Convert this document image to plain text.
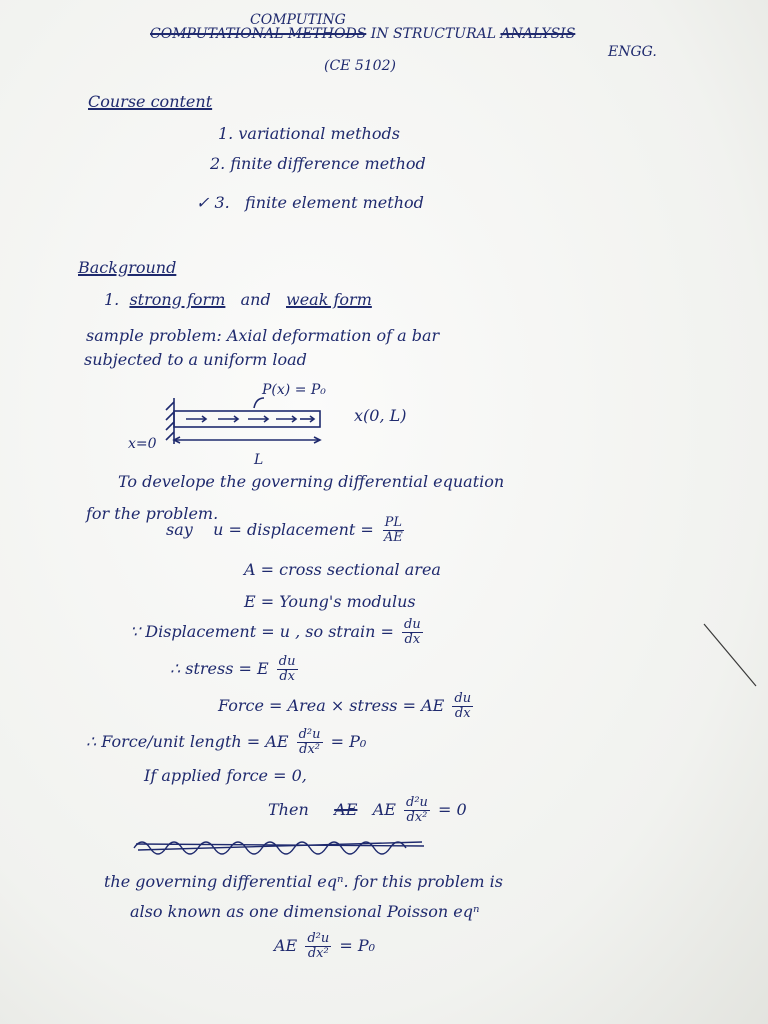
COMPUTING
COMPUTATIONAL METHODS IN STRUCTURAL ANALYSIS
ENGG.
(CE 5102)
Course content
1. variational methods
2. finite difference method
✓ 3. finite element method
Background
1. strong form and weak form
sample problem: Axial deformation of a bar
subjected to a uniform load
P(x) = P₀
x(0, L)
x=0
L
To develope the governing differential equation
for the problem.
say u = displacement = $\frac{PL}{AE}$
A = cross sectional area
E = Young's modulus
∵ Displacement = u , so strain = $\frac{du}{dx}$
∴ stress = E $\frac{du}{dx}$
Force = Area × stress = AE $\frac{du}{dx}$
∴ Force/unit length = AE $\frac{\text{d²u}}{\text{dx²}} = P_0$
If applied force = 0,
Then AE AE $\frac{\text{d²u}}{\text{dx²}} = 0$
the governing differential eqⁿ. for this problem is
also known as one dimensional Poisson eqⁿ
AE $\frac{\text{d²u}}{\text{dx²}} = P_0$
